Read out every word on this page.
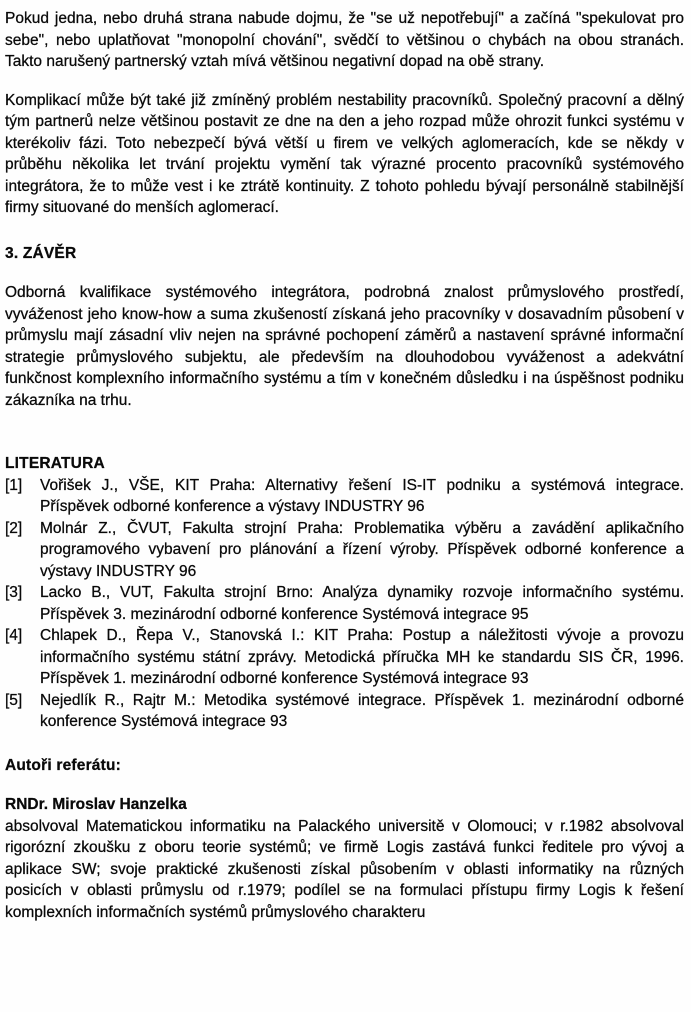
Pokud jedna, nebo druhá strana nabude dojmu, že "se už nepotřebují" a začíná "spekulovat pro sebe", nebo uplatňovat "monopolní chování", svědčí to většinou o chybách na obou stranách. Takto narušený partnerský vztah mívá většinou negativní dopad na obě strany.

Komplikací může být také již zmíněný problém nestability pracovníků. Společný pracovní a dělný tým partnerů nelze většinou postavit ze dne na den a jeho rozpad může ohrozit funkci systému v kterékoliv fázi. Toto nebezpečí bývá větší u firem ve velkých aglomeracích, kde se někdy v průběhu několika let trvání projektu vymění tak výrazné procento pracovníků systémového integrátora, že to může vest i ke ztrátě kontinuity. Z tohoto pohledu bývají personálně stabilnější firmy situované do menších aglomerací.

3. ZÁVĚR

Odborná kvalifikace systémového integrátora, podrobná znalost průmyslového prostředí, vyváženost jeho know-how a suma zkušeností získaná jeho pracovníky v dosavadním působení v průmyslu mají zásadní vliv nejen na správné pochopení záměrů a nastavení správné informační strategie průmyslového subjektu, ale především na dlouhodobou vyváženost a adekvátní funkčnost komplexního informačního systému a tím v konečném důsledku i na úspěšnost podniku zákazníka na trhu.

LITERATURA
[1]	Vořišek J., VŠE, KIT Praha: Alternativy řešení IS-IT podniku a systémová integrace. Příspěvek odborné konference a výstavy INDUSTRY 96
[2]	Molnár Z., ČVUT, Fakulta strojní Praha: Problematika výběru a zavádění aplikačního programového vybavení pro plánování a řízení výroby. Příspěvek odborné konference a výstavy INDUSTRY 96
[3]	Lacko B., VUT, Fakulta strojní Brno: Analýza dynamiky rozvoje informačního systému. Příspěvek 3. mezinárodní odborné konference Systémová integrace 95
[4]	Chlapek D., Řepa V., Stanovská I.: KIT Praha: Postup a náležitosti vývoje a provozu informačního systému státní zprávy. Metodická příručka MH ke standardu SIS ČR, 1996. Příspěvek 1. mezinárodní odborné konference Systémová integrace 93
[5]	Nejedlík R., Rajtr M.: Metodika systémové integrace. Příspěvek 1. mezinárodní odborné konference Systémová integrace 93
Autoři referátu:

RNDr. Miroslav Hanzelka

absolvoval Matematickou informatiku na Palackého universitě v Olomouci; v r.1982 absolvoval rigorózní zkoušku z oboru teorie systémů; ve firmě Logis zastává funkci ředitele pro vývoj a aplikace SW; svoje praktické zkušenosti získal působením v oblasti informatiky na různých posicích v oblasti průmyslu od r.1979; podílel se na formulaci přístupu firmy Logis k řešení komplexních informačních systémů průmyslového charakteru
